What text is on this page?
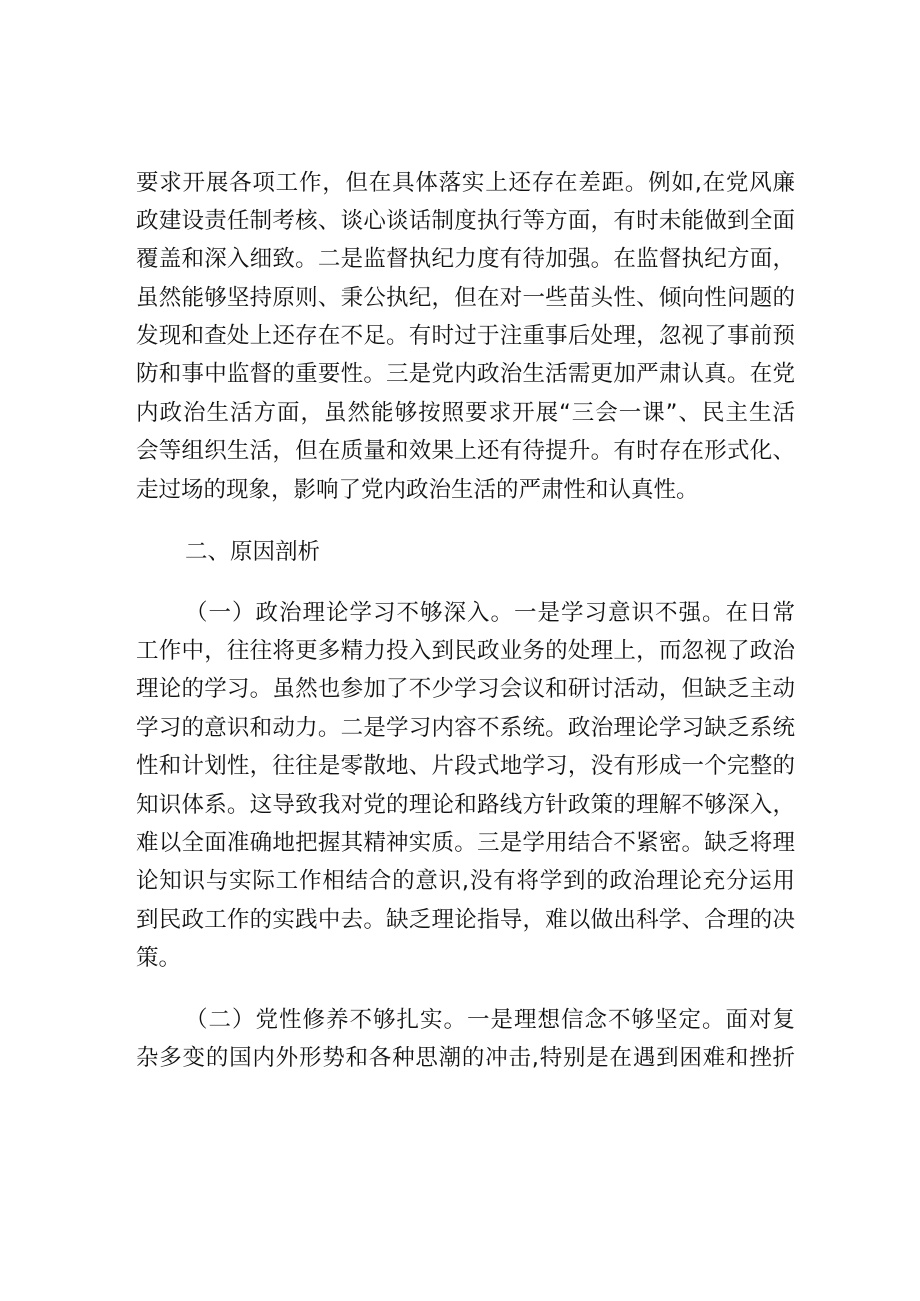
要求开展各项工作，但在具体落实上还存在差距。例如,在党风廉
政建设责任制考核、谈心谈话制度执行等方面，有时未能做到全面
覆盖和深入细致。二是监督执纪力度有待加强。在监督执纪方面，
虽然能够坚持原则、秉公执纪，但在对一些苗头性、倾向性问题的
发现和查处上还存在不足。有时过于注重事后处理，忽视了事前预
防和事中监督的重要性。三是党内政治生活需更加严肃认真。在党
内政治生活方面，虽然能够按照要求开展“三会一课”、民主生活
会等组织生活，但在质量和效果上还有待提升。有时存在形式化、
走过场的现象，影响了党内政治生活的严肃性和认真性。
二、原因剖析
（一）政治理论学习不够深入。一是学习意识不强。在日常
工作中，往往将更多精力投入到民政业务的处理上，而忽视了政治
理论的学习。虽然也参加了不少学习会议和研讨活动，但缺乏主动
学习的意识和动力。二是学习内容不系统。政治理论学习缺乏系统
性和计划性，往往是零散地、片段式地学习，没有形成一个完整的
知识体系。这导致我对党的理论和路线方针政策的理解不够深入，
难以全面准确地把握其精神实质。三是学用结合不紧密。缺乏将理
论知识与实际工作相结合的意识,没有将学到的政治理论充分运用
到民政工作的实践中去。缺乏理论指导，难以做出科学、合理的决
策。
（二）党性修养不够扎实。一是理想信念不够坚定。面对复
杂多变的国内外形势和各种思潮的冲击,特别是在遇到困难和挫折
